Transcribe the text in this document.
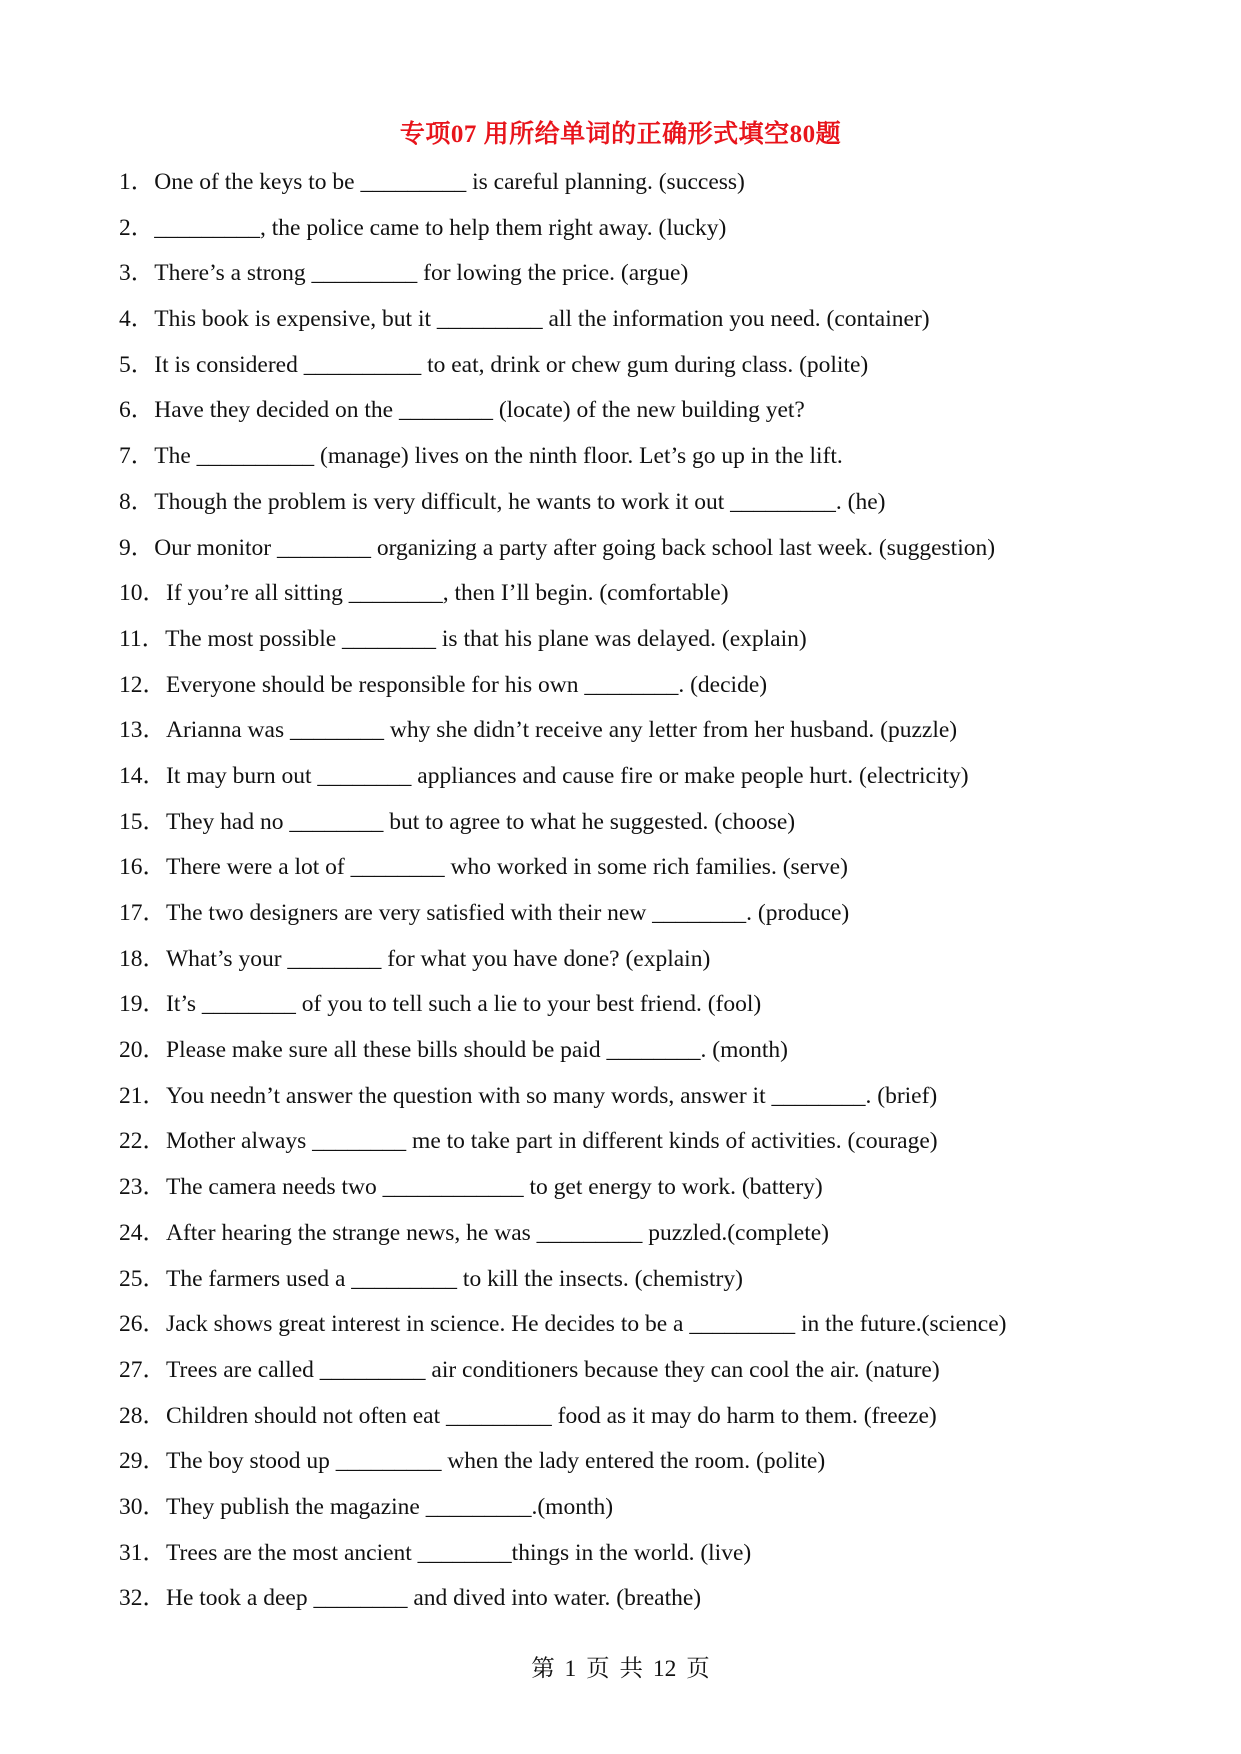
专项07 用所给单词的正确形式填空80题
1． One of the keys to be _________ is careful planning. (success)
2． _________, the police came to help them right away. (lucky)
3． There’s a strong _________ for lowing the price. (argue)
4． This book is expensive, but it _________ all the information you need. (container)
5． It is considered __________ to eat, drink or chew gum during class. (polite)
6． Have they decided on the ________ (locate) of the new building yet?
7． The __________ (manage) lives on the ninth floor. Let’s go up in the lift.
8． Though the problem is very difficult, he wants to work it out _________. (he)
9． Our monitor ________ organizing a party after going back school last week. (suggestion)
10． If you’re all sitting ________, then I’ll begin. (comfortable)
11． The most possible ________ is that his plane was delayed. (explain)
12． Everyone should be responsible for his own ________. (decide)
13． Arianna was ________ why she didn’t receive any letter from her husband. (puzzle)
14． It may burn out ________ appliances and cause fire or make people hurt. (electricity)
15． They had no ________ but to agree to what he suggested. (choose)
16． There were a lot of ________ who worked in some rich families. (serve)
17． The two designers are very satisfied with their new ________. (produce)
18． What’s your ________ for what you have done? (explain)
19． It’s ________ of you to tell such a lie to your best friend. (fool)
20． Please make sure all these bills should be paid ________. (month)
21． You needn’t answer the question with so many words, answer it ________. (brief)
22． Mother always ________ me to take part in different kinds of activities. (courage)
23． The camera needs two ____________ to get energy to work. (battery)
24． After hearing the strange news, he was _________ puzzled.(complete)
25． The farmers used a _________ to kill the insects. (chemistry)
26． Jack shows great interest in science. He decides to be a _________ in the future.(science)
27． Trees are called _________ air conditioners because they can cool the air. (nature)
28． Children should not often eat _________ food as it may do harm to them. (freeze)
29． The boy stood up _________ when the lady entered the room. (polite)
30． They publish the magazine _________.(month)
31． Trees are the most ancient ________things in the world. (live)
32． He took a deep ________ and dived into water. (breathe)
第 1 页 共 12 页
